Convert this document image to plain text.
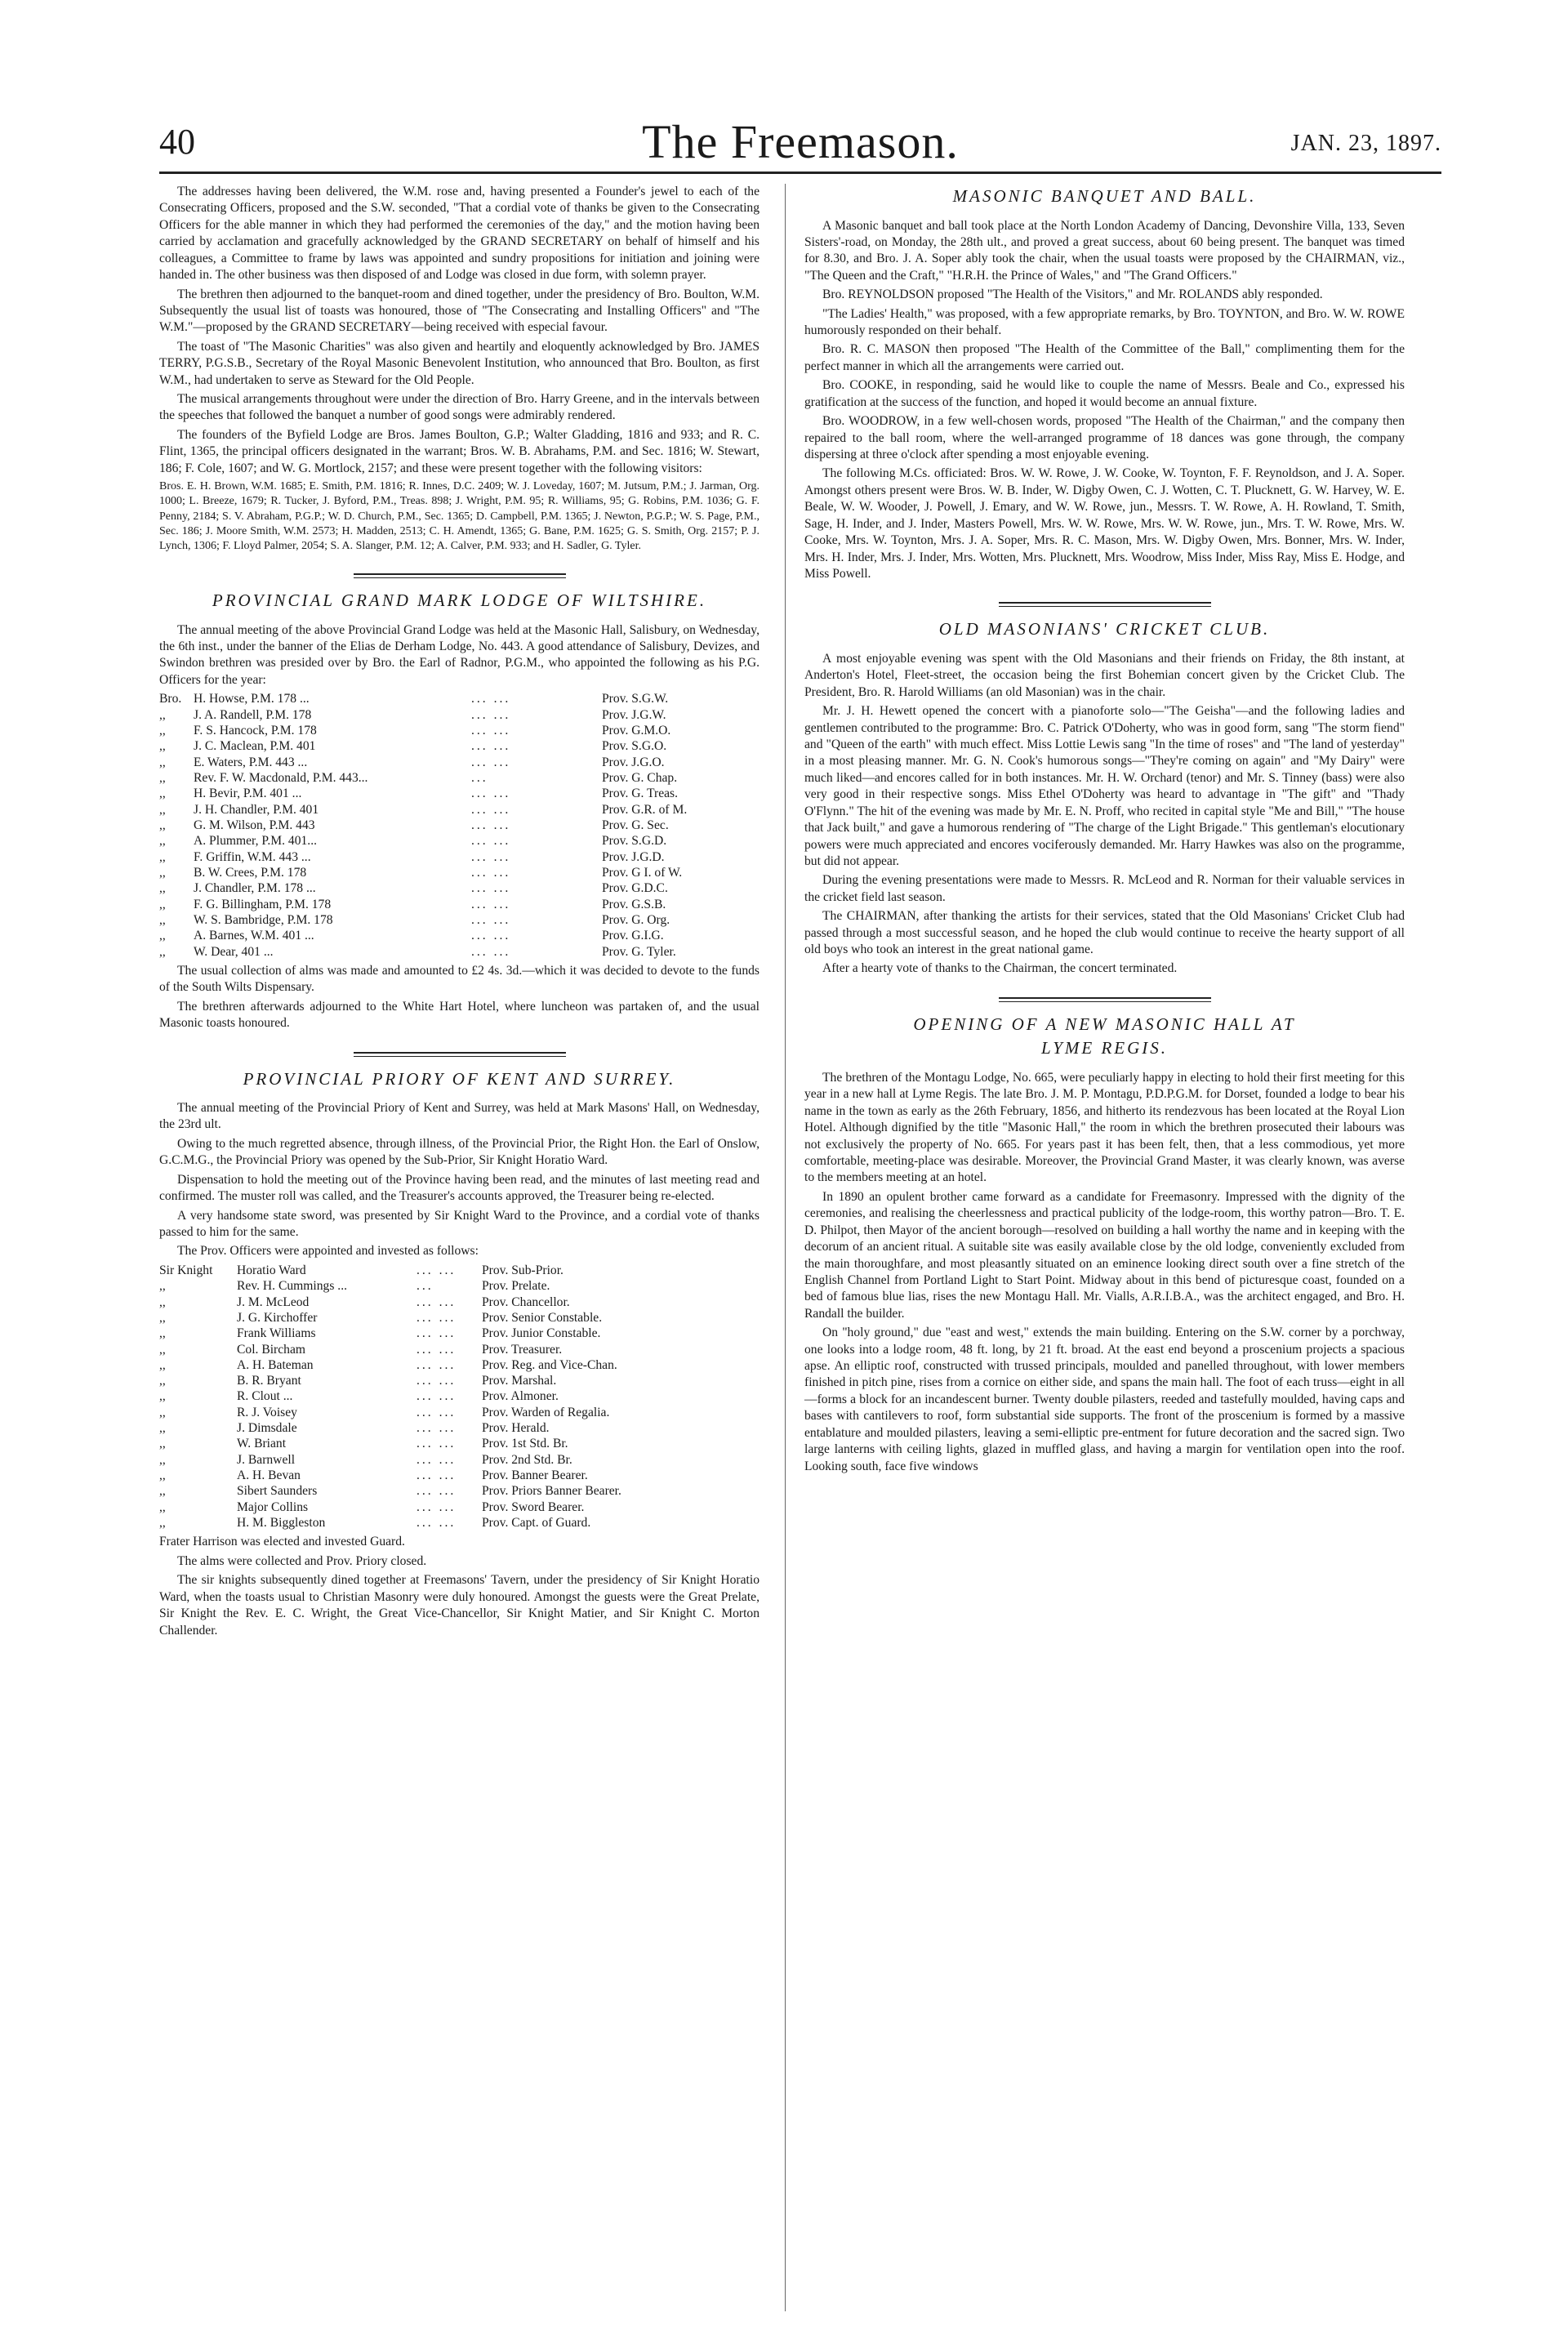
40	The Freemason.	JAN. 23, 1897.

The addresses having been delivered, the W.M. rose and, having presented a Founder's jewel to each of the Consecrating Officers, proposed and the S.W. seconded, "That a cordial vote of thanks be given to the Consecrating Officers for the able manner in which they had performed the ceremonies of the day," and the motion having been carried by acclamation and gracefully acknowledged by the GRAND SECRETARY on behalf of himself and his colleagues, a Committee to frame by laws was appointed and sundry propositions for initiation and joining were handed in. The other business was then disposed of and Lodge was closed in due form, with solemn prayer.

The brethren then adjourned to the banquet-room and dined together, under the presidency of Bro. Boulton, W.M. Subsequently the usual list of toasts was honoured, those of "The Consecrating and Installing Officers" and "The W.M."—proposed by the GRAND SECRETARY—being received with especial favour.

The toast of "The Masonic Charities" was also given and heartily and eloquently acknowledged by Bro. JAMES TERRY, P.G.S.B., Secretary of the Royal Masonic Benevolent Institution, who announced that Bro. Boulton, as first W.M., had undertaken to serve as Steward for the Old People.

The musical arrangements throughout were under the direction of Bro. Harry Greene, and in the intervals between the speeches that followed the banquet a number of good songs were admirably rendered.

The founders of the Byfield Lodge are Bros. James Boulton, G.P.; Walter Gladding, 1816 and 933; and R. C. Flint, 1365, the principal officers designated in the warrant; Bros. W. B. Abrahams, P.M. and Sec. 1816; W. Stewart, 186; F. Cole, 1607; and W. G. Mortlock, 2157; and these were present together with the following visitors:

Bros. E. H. Brown, W.M. 1685; E. Smith, P.M. 1816; R. Innes, D.C. 2409; W. J. Loveday, 1607; M. Jutsum, P.M.; J. Jarman, Org. 1000; L. Breeze, 1679; R. Tucker, J. Byford, P.M., Treas. 898; J. Wright, P.M. 95; R. Williams, 95; G. Robins, P.M. 1036; G. F. Penny, 2184; S. V. Abraham, P.G.P.; W. D. Church, P.M., Sec. 1365; D. Campbell, P.M. 1365; J. Newton, P.G.P.; W. S. Page, P.M., Sec. 186; J. Moore Smith, W.M. 2573; H. Madden, 2513; C. H. Amendt, 1365; G. Bane, P.M. 1625; G. S. Smith, Org. 2157; P. J. Lynch, 1306; F. Lloyd Palmer, 2054; S. A. Slanger, P.M. 12; A. Calver, P.M. 933; and H. Sadler, G. Tyler.

PROVINCIAL GRAND MARK LODGE OF WILTSHIRE.

The annual meeting of the above Provincial Grand Lodge was held at the Masonic Hall, Salisbury, on Wednesday, the 6th inst., under the banner of the Elias de Derham Lodge, No. 443. A good attendance of Salisbury, Devizes, and Swindon brethren was presided over by Bro. the Earl of Radnor, P.G.M., who appointed the following as his P.G. Officers for the year:

Bro.	H. Howse, P.M. 178 ...	... ...	Prov. S.G.W.
,,	J. A. Randell, P.M. 178	... ...	Prov. J.G.W.
,,	F. S. Hancock, P.M. 178	... ...	Prov. G.M.O.
,,	J. C. Maclean, P.M. 401	... ...	Prov. S.G.O.
,,	E. Waters, P.M. 443 ...	... ...	Prov. J.G.O.
,,	Rev. F. W. Macdonald, P.M. 443...	...	Prov. G. Chap.
,,	H. Bevir, P.M. 401 ...	... ...	Prov. G. Treas.
,,	J. H. Chandler, P.M. 401	... ...	Prov. G.R. of M.
,,	G. M. Wilson, P.M. 443	... ...	Prov. G. Sec.
,,	A. Plummer, P.M. 401...	... ...	Prov. S.G.D.
,,	F. Griffin, W.M. 443 ...	... ...	Prov. J.G.D.
,,	B. W. Crees, P.M. 178	... ...	Prov. G I. of W.
,,	J. Chandler, P.M. 178 ...	... ...	Prov. G.D.C.
,,	F. G. Billingham, P.M. 178	... ...	Prov. G.S.B.
,,	W. S. Bambridge, P.M. 178	... ...	Prov. G. Org.
,,	A. Barnes, W.M. 401 ...	... ...	Prov. G.I.G.
,,	W. Dear, 401 ...	... ...	Prov. G. Tyler.

The usual collection of alms was made and amounted to £2 4s. 3d.—which it was decided to devote to the funds of the South Wilts Dispensary.

The brethren afterwards adjourned to the White Hart Hotel, where luncheon was partaken of, and the usual Masonic toasts honoured.

PROVINCIAL PRIORY OF KENT AND SURREY.

The annual meeting of the Provincial Priory of Kent and Surrey, was held at Mark Masons' Hall, on Wednesday, the 23rd ult.

Owing to the much regretted absence, through illness, of the Provincial Prior, the Right Hon. the Earl of Onslow, G.C.M.G., the Provincial Priory was opened by the Sub-Prior, Sir Knight Horatio Ward.

Dispensation to hold the meeting out of the Province having been read, and the minutes of last meeting read and confirmed. The muster roll was called, and the Treasurer's accounts approved, the Treasurer being re-elected.

A very handsome state sword, was presented by Sir Knight Ward to the Province, and a cordial vote of thanks passed to him for the same.

The Prov. Officers were appointed and invested as follows:

Sir Knight	Horatio Ward	... ...	Prov. Sub-Prior.
,,	Rev. H. Cummings ...	...	Prov. Prelate.
,,	J. M. McLeod	... ...	Prov. Chancellor.
,,	J. G. Kirchoffer	... ...	Prov. Senior Constable.
,,	Frank Williams	... ...	Prov. Junior Constable.
,,	Col. Bircham	... ...	Prov. Treasurer.
,,	A. H. Bateman	... ...	Prov. Reg. and Vice-Chan.
,,	B. R. Bryant	... ...	Prov. Marshal.
,,	R. Clout ...	... ...	Prov. Almoner.
,,	R. J. Voisey	... ...	Prov. Warden of Regalia.
,,	J. Dimsdale	... ...	Prov. Herald.
,,	W. Briant	... ...	Prov. 1st Std. Br.
,,	J. Barnwell	... ...	Prov. 2nd Std. Br.
,,	A. H. Bevan	... ...	Prov. Banner Bearer.
,,	Sibert Saunders	... ...	Prov. Priors Banner Bearer.
,,	Major Collins	... ...	Prov. Sword Bearer.
,,	H. M. Biggleston	... ...	Prov. Capt. of Guard.

Frater Harrison was elected and invested Guard.

The alms were collected and Prov. Priory closed.

The sir knights subsequently dined together at Freemasons' Tavern, under the presidency of Sir Knight Horatio Ward, when the toasts usual to Christian Masonry were duly honoured. Amongst the guests were the Great Prelate, Sir Knight the Rev. E. C. Wright, the Great Vice-Chancellor, Sir Knight Matier, and Sir Knight C. Morton Challender.

MASONIC BANQUET AND BALL.

A Masonic banquet and ball took place at the North London Academy of Dancing, Devonshire Villa, 133, Seven Sisters'-road, on Monday, the 28th ult., and proved a great success, about 60 being present. The banquet was timed for 8.30, and Bro. J. A. Soper ably took the chair, when the usual toasts were proposed by the CHAIRMAN, viz., "The Queen and the Craft," "H.R.H. the Prince of Wales," and "The Grand Officers."

Bro. REYNOLDSON proposed "The Health of the Visitors," and Mr. ROLANDS ably responded.

"The Ladies' Health," was proposed, with a few appropriate remarks, by Bro. TOYNTON, and Bro. W. W. ROWE humorously responded on their behalf.

Bro. R. C. MASON then proposed "The Health of the Committee of the Ball," complimenting them for the perfect manner in which all the arrangements were carried out.

Bro. COOKE, in responding, said he would like to couple the name of Messrs. Beale and Co., expressed his gratification at the success of the function, and hoped it would become an annual fixture.

Bro. WOODROW, in a few well-chosen words, proposed "The Health of the Chairman," and the company then repaired to the ball room, where the well-arranged programme of 18 dances was gone through, the company dispersing at three o'clock after spending a most enjoyable evening.

The following M.Cs. officiated: Bros. W. W. Rowe, J. W. Cooke, W. Toynton, F. F. Reynoldson, and J. A. Soper. Amongst others present were Bros. W. B. Inder, W. Digby Owen, C. J. Wotten, C. T. Plucknett, G. W. Harvey, W. E. Beale, W. W. Wooder, J. Powell, J. Emary, and W. W. Rowe, jun., Messrs. T. W. Rowe, A. H. Rowland, T. Smith, Sage, H. Inder, and J. Inder, Masters Powell, Mrs. W. W. Rowe, Mrs. W. W. Rowe, jun., Mrs. T. W. Rowe, Mrs. W. Cooke, Mrs. W. Toynton, Mrs. J. A. Soper, Mrs. R. C. Mason, Mrs. W. Digby Owen, Mrs. Bonner, Mrs. W. Inder, Mrs. H. Inder, Mrs. J. Inder, Mrs. Wotten, Mrs. Plucknett, Mrs. Woodrow, Miss Inder, Miss Ray, Miss E. Hodge, and Miss Powell.

OLD MASONIANS' CRICKET CLUB.

A most enjoyable evening was spent with the Old Masonians and their friends on Friday, the 8th instant, at Anderton's Hotel, Fleet-street, the occasion being the first Bohemian concert given by the Cricket Club. The President, Bro. R. Harold Williams (an old Masonian) was in the chair.

Mr. J. H. Hewett opened the concert with a pianoforte solo—"The Geisha"—and the following ladies and gentlemen contributed to the programme: Bro. C. Patrick O'Doherty, who was in good form, sang "The storm fiend" and "Queen of the earth" with much effect. Miss Lottie Lewis sang "In the time of roses" and "The land of yesterday" in a most pleasing manner. Mr. G. N. Cook's humorous songs—"They're coming on again" and "My Dairy" were much liked—and encores called for in both instances. Mr. H. W. Orchard (tenor) and Mr. S. Tinney (bass) were also very good in their respective songs. Miss Ethel O'Doherty was heard to advantage in "The gift" and "Thady O'Flynn." The hit of the evening was made by Mr. E. N. Proff, who recited in capital style "Me and Bill," "The house that Jack built," and gave a humorous rendering of "The charge of the Light Brigade." This gentleman's elocutionary powers were much appreciated and encores vociferously demanded. Mr. Harry Hawkes was also on the programme, but did not appear.

During the evening presentations were made to Messrs. R. McLeod and R. Norman for their valuable services in the cricket field last season.

The CHAIRMAN, after thanking the artists for their services, stated that the Old Masonians' Cricket Club had passed through a most successful season, and he hoped the club would continue to receive the hearty support of all old boys who took an interest in the great national game.

After a hearty vote of thanks to the Chairman, the concert terminated.

OPENING OF A NEW MASONIC HALL AT
LYME REGIS.

The brethren of the Montagu Lodge, No. 665, were peculiarly happy in electing to hold their first meeting for this year in a new hall at Lyme Regis. The late Bro. J. M. P. Montagu, P.D.P.G.M. for Dorset, founded a lodge to bear his name in the town as early as the 26th February, 1856, and hitherto its rendezvous has been located at the Royal Lion Hotel. Although dignified by the title "Masonic Hall," the room in which the brethren prosecuted their labours was not exclusively the property of No. 665. For years past it has been felt, then, that a less commodious, yet more comfortable, meeting-place was desirable. Moreover, the Provincial Grand Master, it was clearly known, was averse to the members meeting at an hotel.

In 1890 an opulent brother came forward as a candidate for Freemasonry. Impressed with the dignity of the ceremonies, and realising the cheerlessness and practical publicity of the lodge-room, this worthy patron—Bro. T. E. D. Philpot, then Mayor of the ancient borough—resolved on building a hall worthy the name and in keeping with the decorum of an ancient ritual. A suitable site was easily available close by the old lodge, conveniently excluded from the main thoroughfare, and most pleasantly situated on an eminence looking direct south over a fine stretch of the English Channel from Portland Light to Start Point. Midway about in this bend of picturesque coast, founded on a bed of famous blue lias, rises the new Montagu Hall. Mr. Vialls, A.R.I.B.A., was the architect engaged, and Bro. H. Randall the builder.

On "holy ground," due "east and west," extends the main building. Entering on the S.W. corner by a porchway, one looks into a lodge room, 48 ft. long, by 21 ft. broad. At the east end beyond a proscenium projects a spacious apse. An elliptic roof, constructed with trussed principals, moulded and panelled throughout, with lower members finished in pitch pine, rises from a cornice on either side, and spans the main hall. The foot of each truss—eight in all—forms a block for an incandescent burner. Twenty double pilasters, reeded and tastefully moulded, having caps and bases with cantilevers to roof, form substantial side supports. The front of the proscenium is formed by a massive entablature and moulded pilasters, leaving a semi-elliptic pre-entment for future decoration and the sacred sign. Two large lanterns with ceiling lights, glazed in muffled glass, and having a margin for ventilation open into the roof. Looking south, face five windows
